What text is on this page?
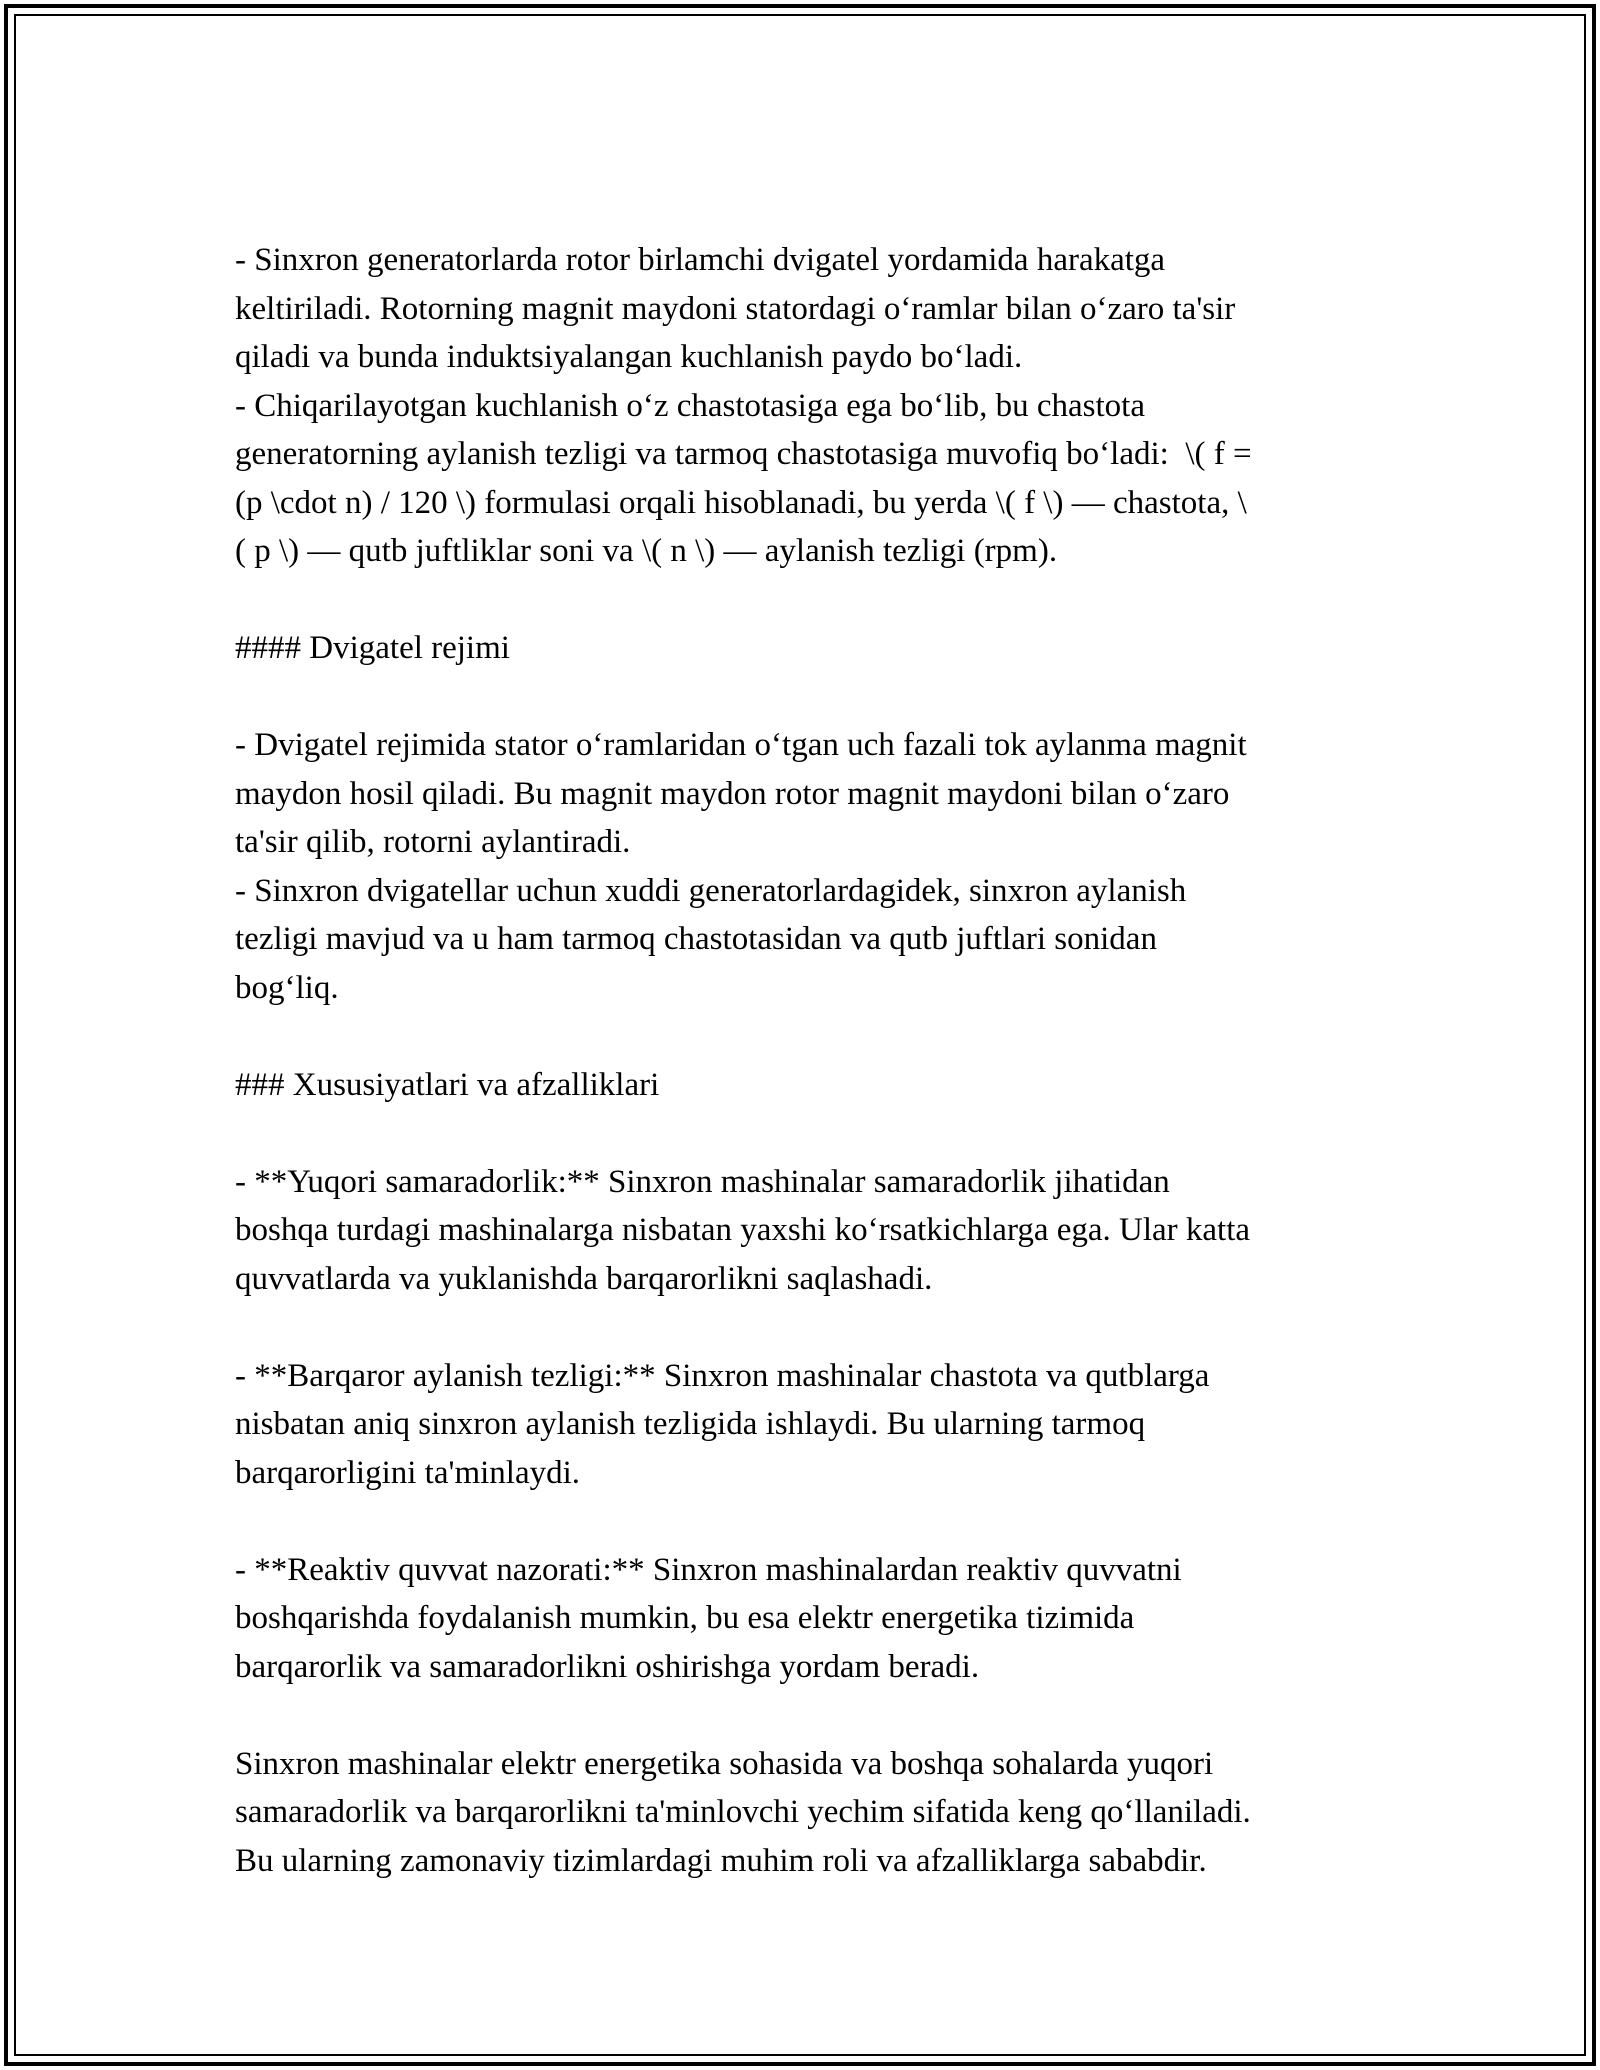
- Sinxron generatorlarda rotor birlamchi dvigatel yordamida harakatga
keltiriladi. Rotorning magnit maydoni statordagi o‘ramlar bilan o‘zaro ta'sir
qiladi va bunda induktsiyalangan kuchlanish paydo bo‘ladi.
- Chiqarilayotgan kuchlanish o‘z chastotasiga ega bo‘lib, bu chastota
generatorning aylanish tezligi va tarmoq chastotasiga muvofiq bo‘ladi:  \( f =
(p \cdot n) / 120 \) formulasi orqali hisoblanadi, bu yerda \( f \) — chastota, \
( p \) — qutb juftliklar soni va \( n \) — aylanish tezligi (rpm).
#### Dvigatel rejimi
- Dvigatel rejimida stator o‘ramlaridan o‘tgan uch fazali tok aylanma magnit
maydon hosil qiladi. Bu magnit maydon rotor magnit maydoni bilan o‘zaro
ta'sir qilib, rotorni aylantiradi.
- Sinxron dvigatellar uchun xuddi generatorlardagidek, sinxron aylanish
tezligi mavjud va u ham tarmoq chastotasidan va qutb juftlari sonidan
bog‘liq.
### Xususiyatlari va afzalliklari
- **Yuqori samaradorlik:** Sinxron mashinalar samaradorlik jihatidan
boshqa turdagi mashinalarga nisbatan yaxshi ko‘rsatkichlarga ega. Ular katta
quvvatlarda va yuklanishda barqarorlikni saqlashadi.
- **Barqaror aylanish tezligi:** Sinxron mashinalar chastota va qutblarga
nisbatan aniq sinxron aylanish tezligida ishlaydi. Bu ularning tarmoq
barqarorligini ta'minlaydi.
- **Reaktiv quvvat nazorati:** Sinxron mashinalardan reaktiv quvvatni
boshqarishda foydalanish mumkin, bu esa elektr energetika tizimida
barqarorlik va samaradorlikni oshirishga yordam beradi.
Sinxron mashinalar elektr energetika sohasida va boshqa sohalarda yuqori
samaradorlik va barqarorlikni ta'minlovchi yechim sifatida keng qo‘llaniladi.
Bu ularning zamonaviy tizimlardagi muhim roli va afzalliklarga sababdir.
